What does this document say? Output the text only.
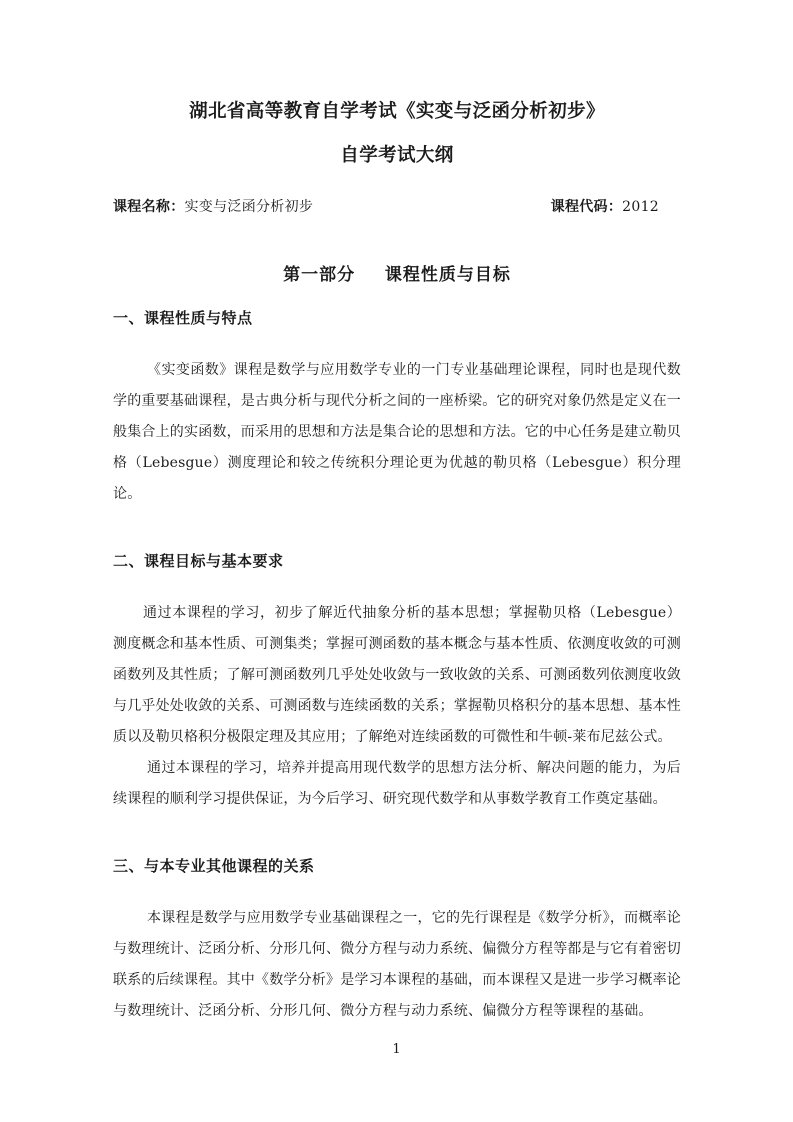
湖北省高等教育自学考试《实变与泛函分析初步》
自学考试大纲
课程名称： 实变与泛函分析初步	课程代码： 2012
第一部分 课程性质与目标
一、课程性质与特点

《实变函数》课程是数学与应用数学专业的一门专业基础理论课程，同时也是现代数学的重要基础课程，是古典分析与现代分析之间的一座桥梁。它的研究对象仍然是定义在一般集合上的实函数，而采用的思想和方法是集合论的思想和方法。它的中心任务是建立勒贝格（Lebesgue）测度理论和较之传统积分理论更为优越的勒贝格（Lebesgue）积分理论。

二、课程目标与基本要求

通过本课程的学习，初步了解近代抽象分析的基本思想；掌握勒贝格（Lebesgue）测度概念和基本性质、可测集类；掌握可测函数的基本概念与基本性质、依测度收敛的可测函数列及其性质；了解可测函数列几乎处处收敛与一致收敛的关系、可测函数列依测度收敛与几乎处处收敛的关系、可测函数与连续函数的关系；掌握勒贝格积分的基本思想、基本性质以及勒贝格积分极限定理及其应用；了解绝对连续函数的可微性和牛顿-莱布尼兹公式。

通过本课程的学习，培养并提高用现代数学的思想方法分析、解决问题的能力，为后续课程的顺利学习提供保证，为今后学习、研究现代数学和从事数学教育工作奠定基础。

三、与本专业其他课程的关系

本课程是数学与应用数学专业基础课程之一，它的先行课程是《数学分析》，而概率论与数理统计、泛函分析、分形几何、微分方程与动力系统、偏微分方程等都是与它有着密切联系的后续课程。其中《数学分析》是学习本课程的基础，而本课程又是进一步学习概率论与数理统计、泛函分析、分形几何、微分方程与动力系统、偏微分方程等课程的基础。

1
